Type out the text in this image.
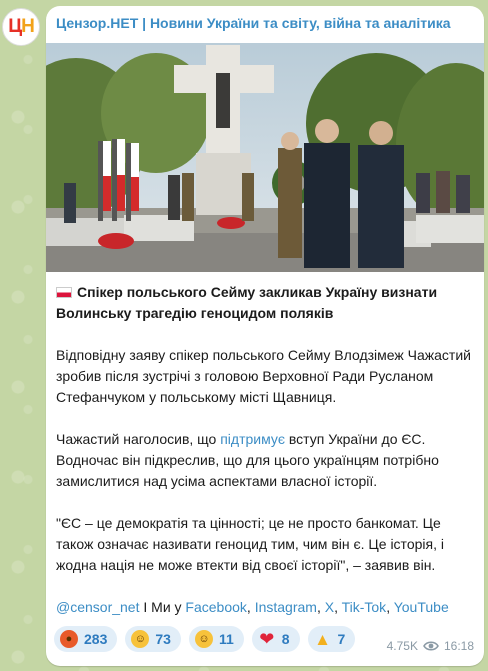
Ц Н Цензор.НЕТ | Новини України та світу, війна та аналітика
Спікер польського Сейму закликав Україну визнати Волинську трагедію геноцидом поляків
Відповідну заяву спікер польського Сейму Влодзімеж Чажастий зробив після зустрічі з головою Верховної Ради Русланом Стефанчуком у польському місті Щавниця.
Чажастий наголосив, що підтримує вступ України до ЄС. Водночас він підкреслив, що для цього українцям потрібно замислитися над усіма аспектами власної історії.
"ЄС – це демократія та цінності; це не просто банкомат. Це також означає називати геноцид тим, чим він є. Це історія, і жодна нація не може втекти від своєї історії", – заявив він.
@censor_net I Ми у Facebook, Instagram, X, Tik-Tok, YouTube
● 283	☺ 73	☺ 11 ❤ 8 ▲ 7	4.75K 16:18
